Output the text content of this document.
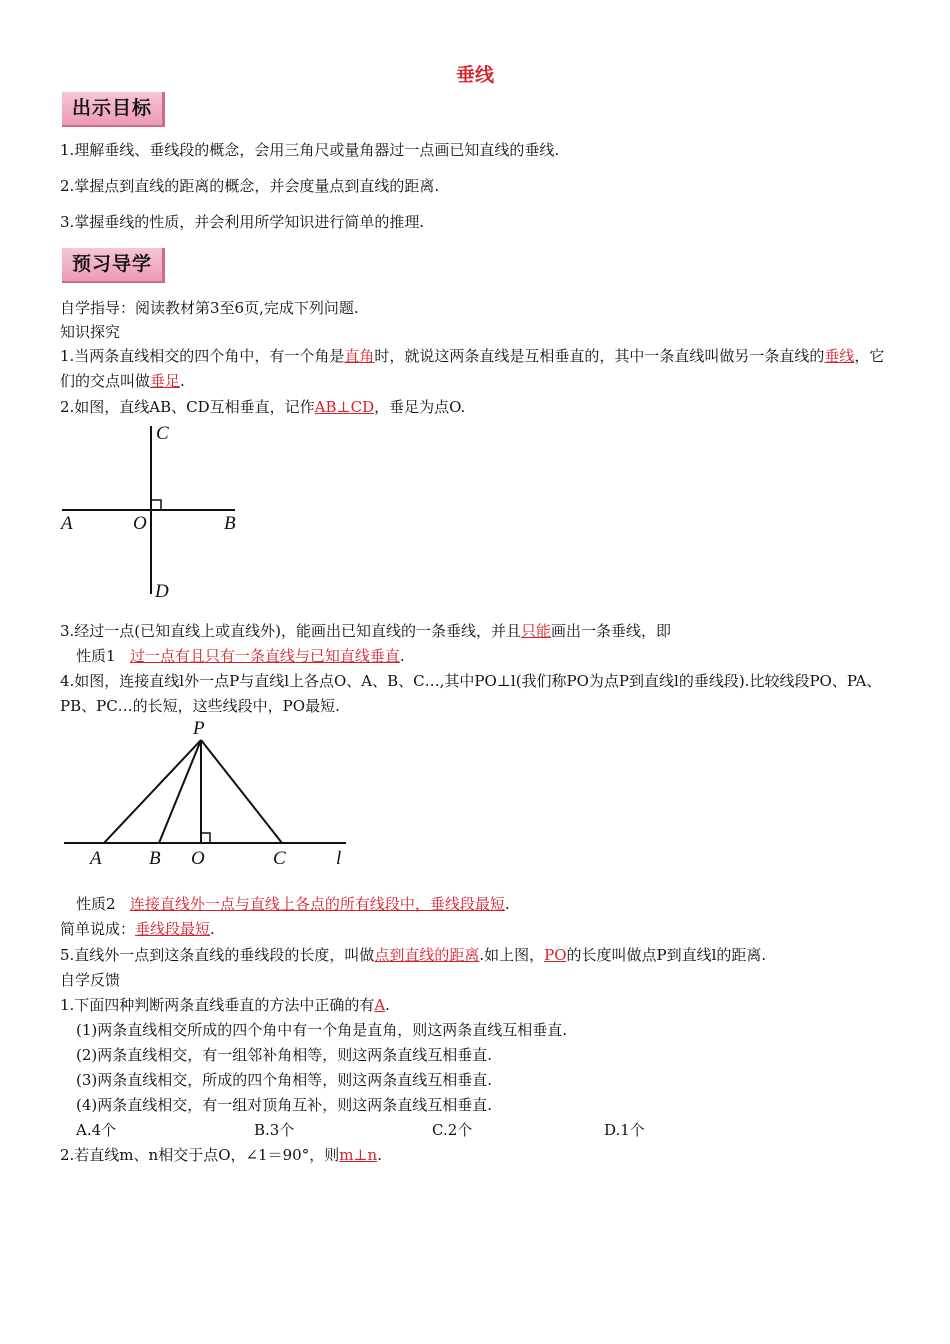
垂线
出示目标
1.理解垂线、垂线段的概念，会用三角尺或量角器过一点画已知直线的垂线.
2.掌握点到直线的距离的概念，并会度量点到直线的距离.
3.掌握垂线的性质，并会利用所学知识进行简单的推理.
预习导学
自学指导：阅读教材第3至6页,完成下列问题.
知识探究
1.当两条直线相交的四个角中，有一个角是直角时，就说这两条直线是互相垂直的，其中一条直线叫做另一条直线的垂线，它们的交点叫做垂足.
2.如图，直线AB、CD互相垂直，记作AB⊥CD，垂足为点O.
C
A	O	B
D
3.经过一点(已知直线上或直线外)，能画出已知直线的一条垂线，并且只能画出一条垂线，即
性质1 过一点有且只有一条直线与已知直线垂直.
4.如图，连接直线l外一点P与直线l上各点O、A、B、C…,其中PO⊥l(我们称PO为点P到直线l的垂线段).比较线段PO、PA、PB、PC…的长短，这些线段中，PO最短.
P
A B O	C	l
性质2 连接直线外一点与直线上各点的所有线段中，垂线段最短.
简单说成：垂线段最短.
5.直线外一点到这条直线的垂线段的长度，叫做点到直线的距离.如上图，PO的长度叫做点P到直线l的距离.
自学反馈
1.下面四种判断两条直线垂直的方法中正确的有A.
(1)两条直线相交所成的四个角中有一个角是直角，则这两条直线互相垂直.
(2)两条直线相交，有一组邻补角相等，则这两条直线互相垂直.
(3)两条直线相交，所成的四个角相等，则这两条直线互相垂直.
(4)两条直线相交，有一组对顶角互补，则这两条直线互相垂直.
A.4个	B.3个	C.2个	D.1个
2.若直线m、n相交于点O，∠1＝90°，则m⊥n.
